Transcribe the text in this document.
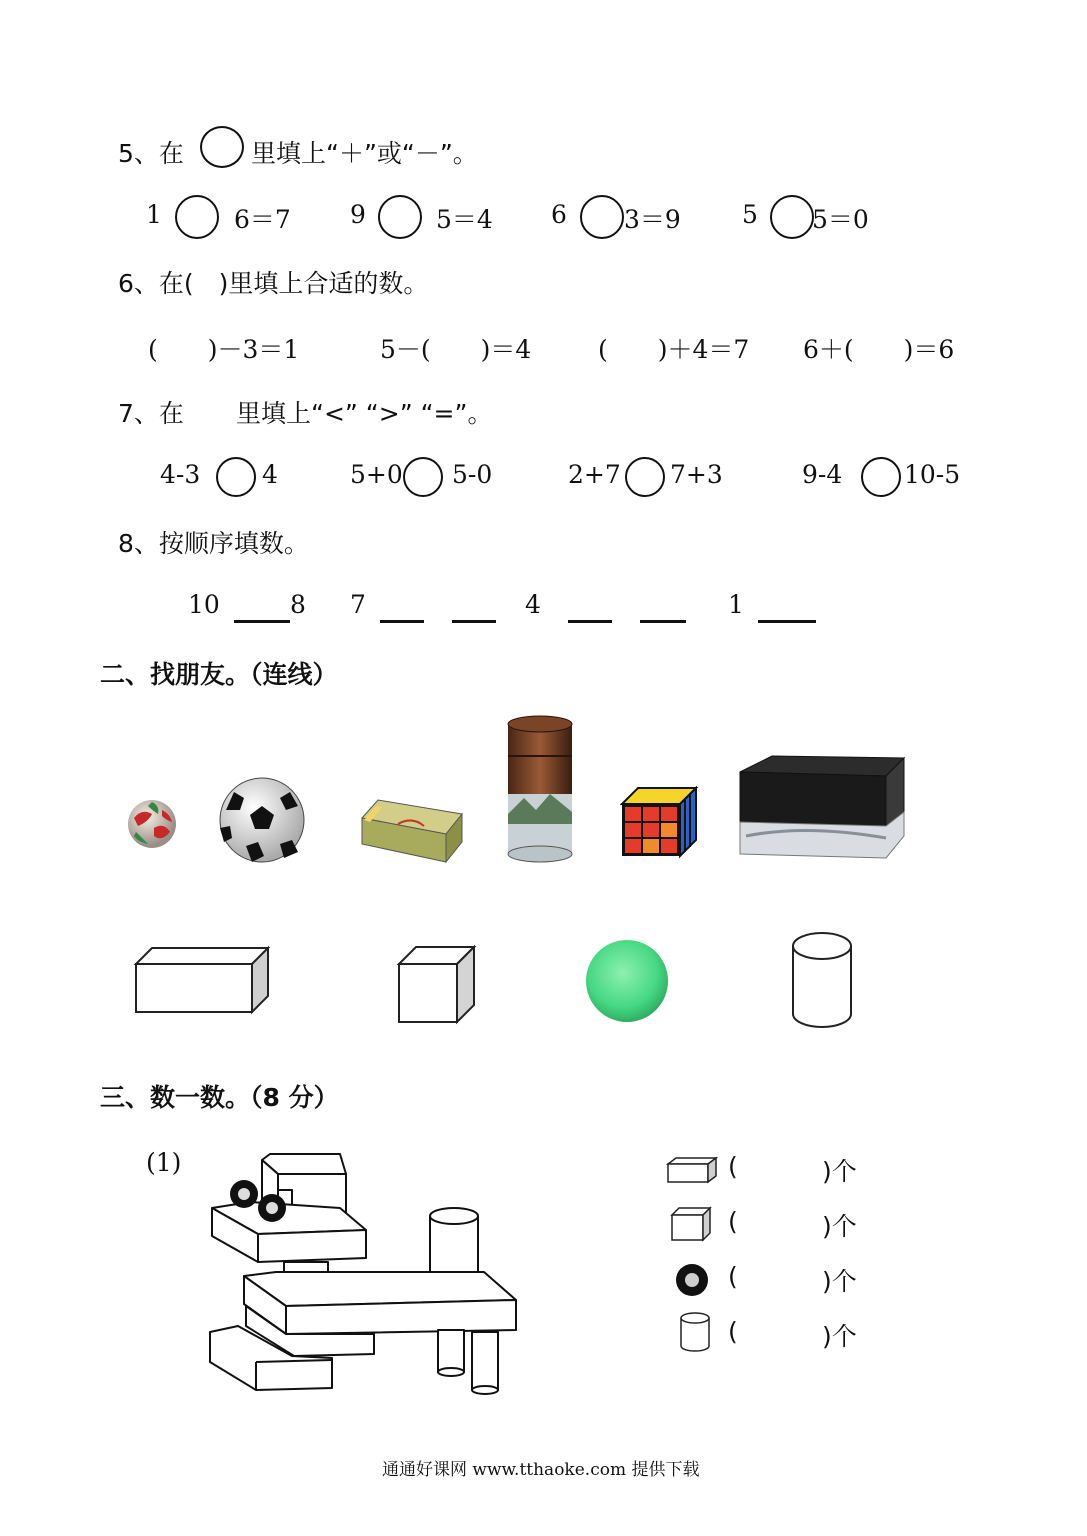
5、在	里填上“＋”或“－”。
1	6＝7 9	5＝4 6 3＝9 5 5＝0
6、在(　)里填上合适的数。
(　　)－3＝1	5－(　　)＝4	(　　)＋4＝7 6＋(　　)＝6
7、在 里填上“<” “>” “=”。
4-3 4	5+0 5-0	2+7 7+3	9-4 10-5
8、按顺序填数。
10	8 7	4	1
二、找朋友。（连线）
三、数一数。（8 分）
(1)	(	)个
(	)个
(	)个
(	)个
通通好课网 www.tthaoke.com 提供下载
